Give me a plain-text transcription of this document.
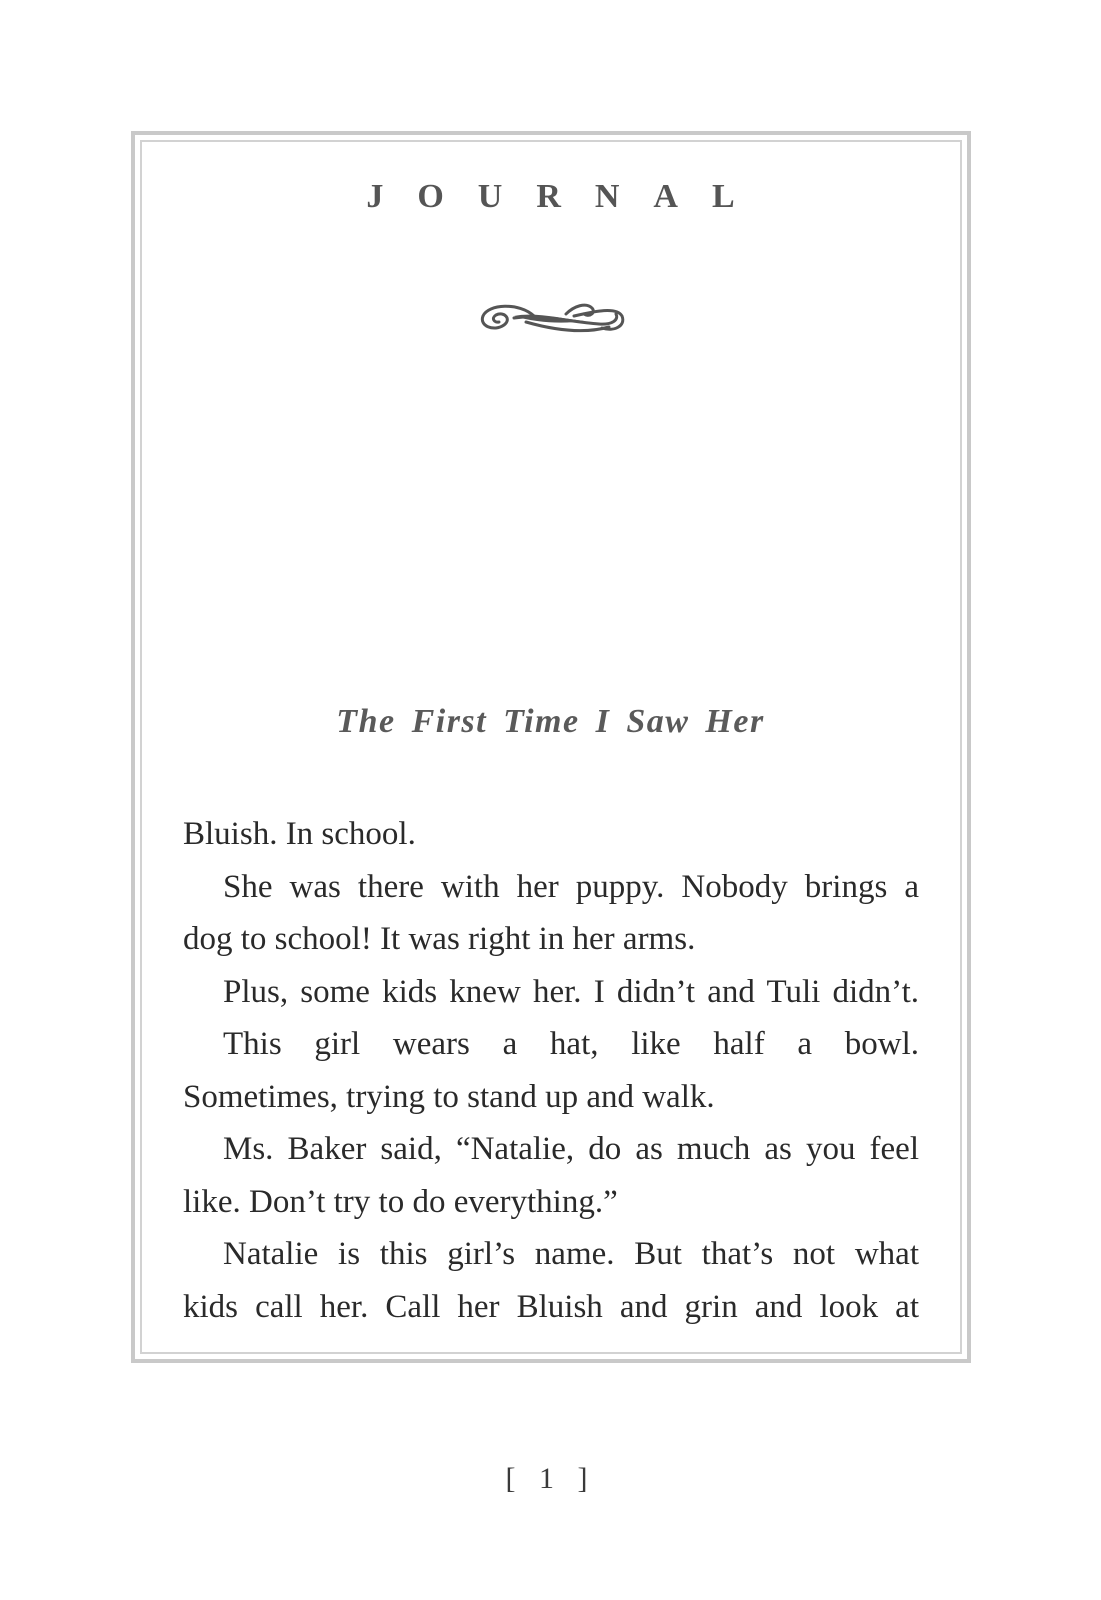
JOURNAL
The First Time I Saw Her
Bluish. In school.
She was there with her puppy. Nobody brings a
dog to school! It was right in her arms.
Plus, some kids knew her. I didn’t and Tuli didn’t.
This girl wears a hat, like half a bowl.
Sometimes, trying to stand up and walk.
Ms. Baker said, “Natalie, do as much as you feel
like. Don’t try to do everything.”
Natalie is this girl’s name. But that’s not what
kids call her. Call her Bluish and grin and look at
[ 1 ]
